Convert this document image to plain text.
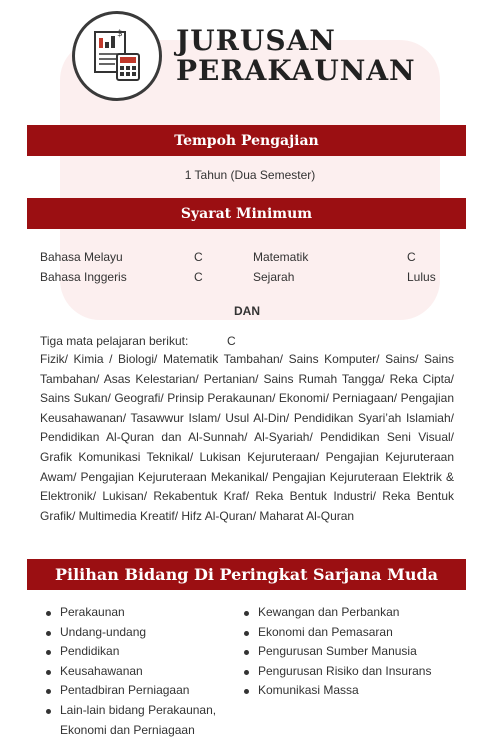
$ JURUSAN
PERAKAUNAN
Tempoh Pengajian
1 Tahun (Dua Semester)
Syarat Minimum
Bahasa Melayu	C	Matematik	C
Bahasa Inggeris	C	Sejarah	Lulus
DAN
Tiga mata pelajaran berikut:	C
Fizik/ Kimia / Biologi/ Matematik Tambahan/ Sains Komputer/ Sains/ Sains Tambahan/ Asas Kelestarian/ Pertanian/ Sains Rumah Tangga/ Reka Cipta/ Sains Sukan/ Geografi/ Prinsip Perakaunan/ Ekonomi/ Perniagaan/ Pengajian Keusahawanan/ Tasawwur Islam/ Usul Al-Din/ Pendidikan Syari’ah Islamiah/ Pendidikan Al-Quran dan Al-Sunnah/ Al-Syariah/ Pendidikan Seni Visual/ Grafik Komunikasi Teknikal/ Lukisan Kejuruteraan/ Pengajian Kejuruteraan Awam/ Pengajian Kejuruteraan Mekanikal/ Pengajian Kejuruteraan Elektrik & Elektronik/ Lukisan/ Rekabentuk Kraf/ Reka Bentuk Industri/ Reka Bentuk Grafik/ Multimedia Kreatif/ Hifz Al-Quran/ Maharat Al-Quran
Pilihan Bidang Di Peringkat Sarjana Muda
Perakaunan
Undang-undang
Pendidikan
Keusahawanan
Pentadbiran Perniagaan
Lain-lain bidang Perakaunan, Ekonomi dan Perniagaan
Kewangan dan Perbankan
Ekonomi dan Pemasaran
Pengurusan Sumber Manusia
Pengurusan Risiko dan Insurans
Komunikasi Massa
